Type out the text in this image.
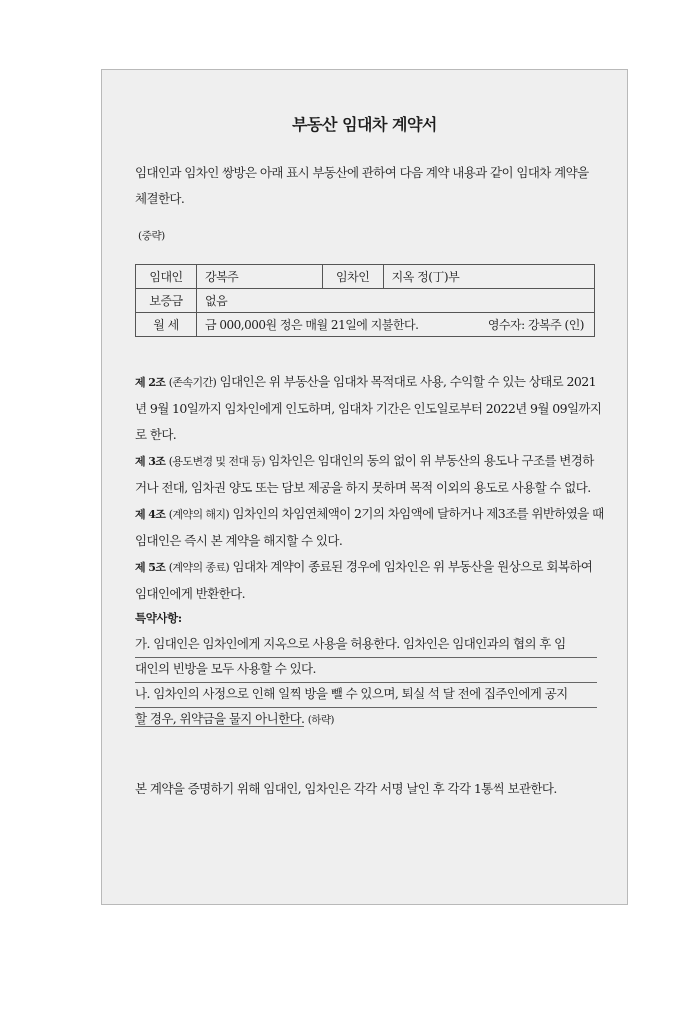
부동산 임대차 계약서

임대인과 임차인 쌍방은 아래 표시 부동산에 관하여 다음 계약 내용과 같이 임대차 계약을 체결한다.

(중략)
임대인	강복주	임차인	지옥 정(丁)부
보증금	없음		
월 세	금 000,000원 정은 매월 21일에 지불한다. 영수자: 강복주 (인)		
제 2조 (존속기간) 임대인은 위 부동산을 임대차 목적대로 사용, 수익할 수 있는 상태로 2021년 9월 10일까지 임차인에게 인도하며, 임대차 기간은 인도일로부터 2022년 9월 09일까지로 한다.
제 3조 (용도변경 및 전대 등) 임차인은 임대인의 동의 없이 위 부동산의 용도나 구조를 변경하거나 전대, 임차권 양도 또는 담보 제공을 하지 못하며 목적 이외의 용도로 사용할 수 없다.
제 4조 (계약의 해지) 임차인의 차임연체액이 2기의 차임액에 달하거나 제3조를 위반하였을 때 임대인은 즉시 본 계약을 해지할 수 있다.
제 5조 (계약의 종료) 임대차 계약이 종료된 경우에 임차인은 위 부동산을 원상으로 회복하여 임대인에게 반환한다.
특약사항:
가. 임대인은 임차인에게 지옥으로 사용을 허용한다. 임차인은 임대인과의 협의 후 임
대인의 빈방을 모두 사용할 수 있다.
나. 임차인의 사정으로 인해 일찍 방을 뺄 수 있으며, 퇴실 석 달 전에 집주인에게 공지
할 경우, 위약금을 물지 아니한다. (하략)
본 계약을 증명하기 위해 임대인, 임차인은 각각 서명 날인 후 각각 1통씩 보관한다.
